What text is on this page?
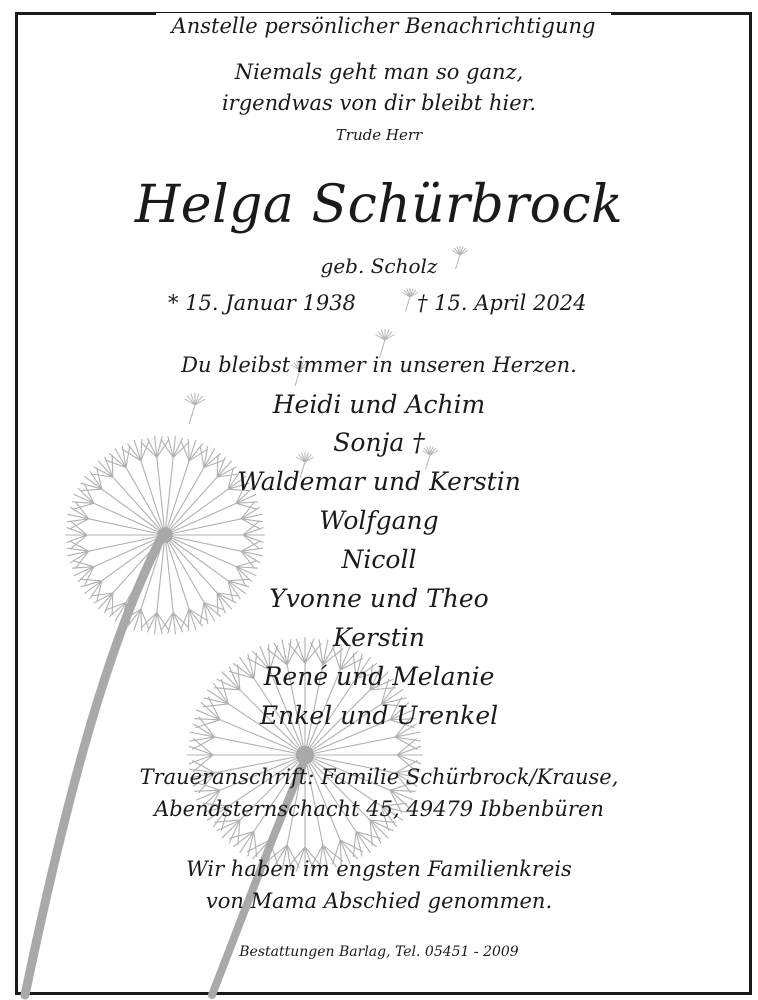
Anstelle persönlicher Benachrichtigung
Niemals geht man so ganz,
irgendwas von dir bleibt hier.
Trude Herr
Helga Schürbrock
geb. Scholz
* 15. Januar 1938	† 15. April 2024
Du bleibst immer in unseren Herzen.
Heidi und Achim
Sonja †
Waldemar und Kerstin
Wolfgang
Nicoll
Yvonne und Theo
Kerstin
René und Melanie
Enkel und Urenkel
Traueranschrift: Familie Schürbrock/Krause,
Abendsternschacht 45, 49479 Ibbenbüren
Wir haben im engsten Familienkreis
von Mama Abschied genommen.
Bestattungen Barlag, Tel. 05451 - 2009
